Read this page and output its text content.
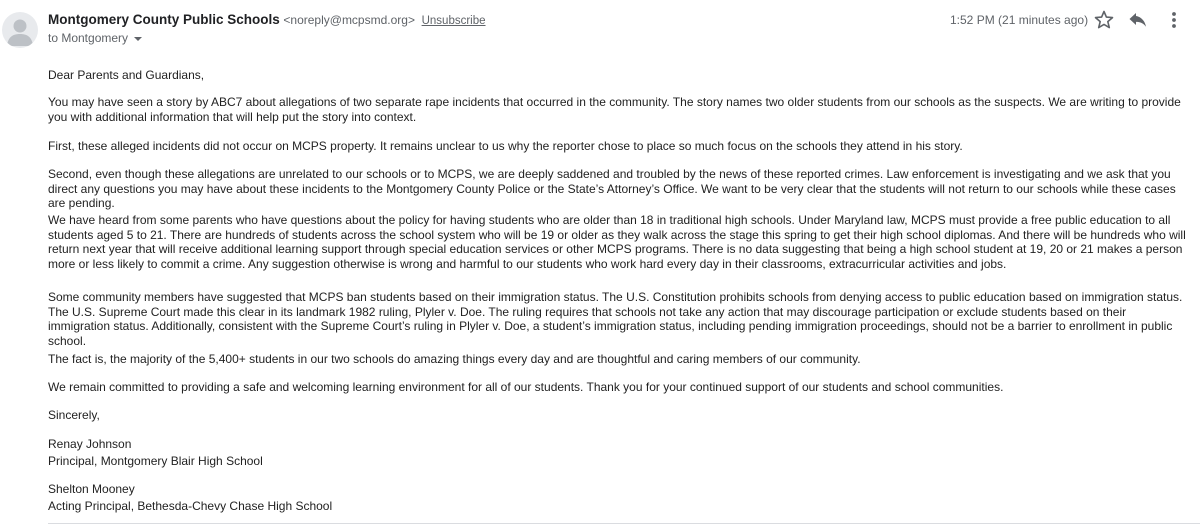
Montgomery County Public Schools <noreply@mcpsmd.org> Unsubscribe
to Montgomery
1:52 PM (21 minutes ago)

Dear Parents and Guardians,

You may have seen a story by ABC7 about allegations of two separate rape incidents that occurred in the community. The story names two older students from our schools as the suspects. We are writing to provide you with additional information that will help put the story into context.

First, these alleged incidents did not occur on MCPS property. It remains unclear to us why the reporter chose to place so much focus on the schools they attend in his story.

Second, even though these allegations are unrelated to our schools or to MCPS, we are deeply saddened and troubled by the news of these reported crimes. Law enforcement is investigating and we ask that you direct any questions you may have about these incidents to the Montgomery County Police or the State’s Attorney’s Office. We want to be very clear that the students will not return to our schools while these cases are pending.

We have heard from some parents who have questions about the policy for having students who are older than 18 in traditional high schools. Under Maryland law, MCPS must provide a free public education to all students aged 5 to 21. There are hundreds of students across the school system who will be 19 or older as they walk across the stage this spring to get their high school diplomas. And there will be hundreds who will return next year that will receive additional learning support through special education services or other MCPS programs. There is no data suggesting that being a high school student at 19, 20 or 21 makes a person more or less likely to commit a crime. Any suggestion otherwise is wrong and harmful to our students who work hard every day in their classrooms, extracurricular activities and jobs.

Some community members have suggested that MCPS ban students based on their immigration status. The U.S. Constitution prohibits schools from denying access to public education based on immigration status. The U.S. Supreme Court made this clear in its landmark 1982 ruling, Plyler v. Doe. The ruling requires that schools not take any action that may discourage participation or exclude students based on their immigration status. Additionally, consistent with the Supreme Court’s ruling in Plyler v. Doe, a student’s immigration status, including pending immigration proceedings, should not be a barrier to enrollment in public school.

The fact is, the majority of the 5,400+ students in our two schools do amazing things every day and are thoughtful and caring members of our community.

We remain committed to providing a safe and welcoming learning environment for all of our students. Thank you for your continued support of our students and school communities.

Sincerely,

Renay Johnson

Principal, Montgomery Blair High School

Shelton Mooney

Acting Principal, Bethesda-Chevy Chase High School
